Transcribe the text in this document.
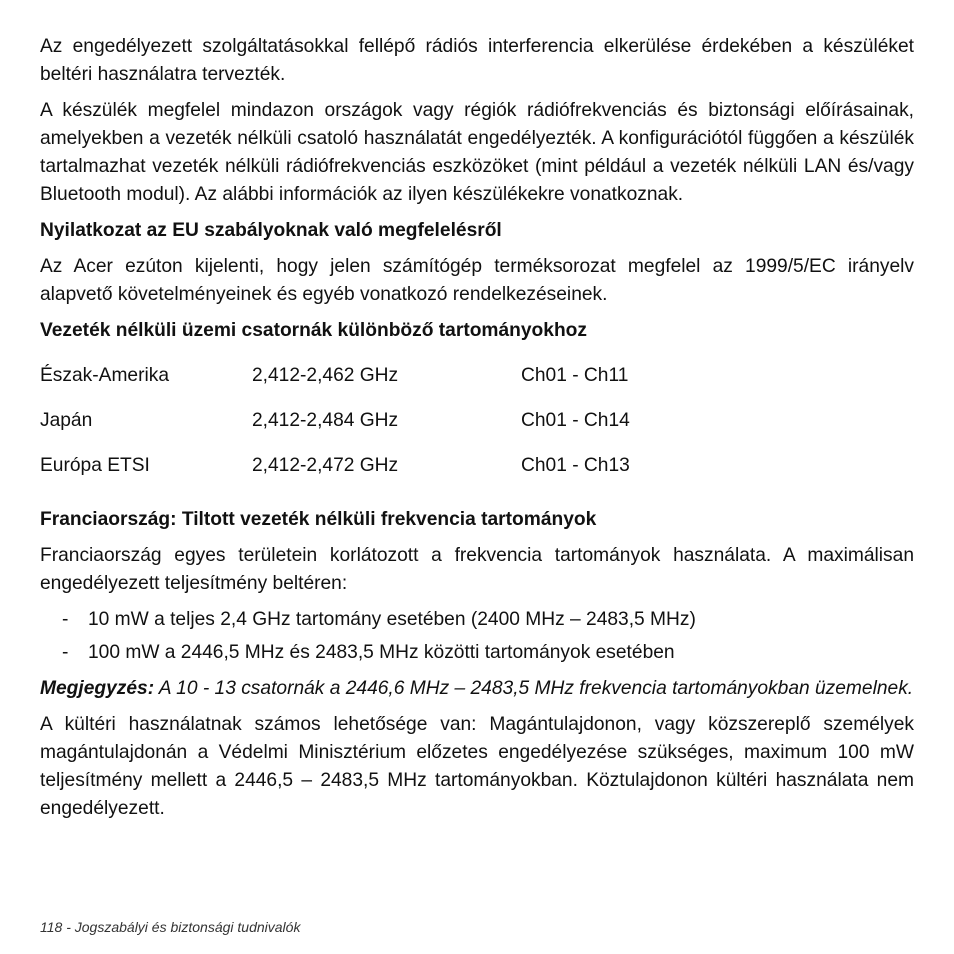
Az engedélyezett szolgáltatásokkal fellépő rádiós interferencia elkerülése érdekében a készüléket beltéri használatra tervezték.

A készülék megfelel mindazon országok vagy régiók rádiófrekvenciás és biztonsági előírásainak, amelyekben a vezeték nélküli csatoló használatát engedélyezték. A konfigurációtól függően a készülék tartalmazhat vezeték nélküli rádiófrekvenciás eszközöket (mint például a vezeték nélküli LAN és/vagy Bluetooth modul). Az alábbi információk az ilyen készülékekre vonatkoznak.

Nyilatkozat az EU szabályoknak való megfelelésről

Az Acer ezúton kijelenti, hogy jelen számítógép terméksorozat megfelel az 1999/5/EC irányelv alapvető követelményeinek és egyéb vonatkozó rendelkezéseinek.

Vezeték nélküli üzemi csatornák különböző tartományokhoz
Észak-Amerika	2,412-2,462 GHz	Ch01 - Ch11
Japán	2,412-2,484 GHz	Ch01 - Ch14
Európa ETSI	2,412-2,472 GHz	Ch01 - Ch13
Franciaország: Tiltott vezeték nélküli frekvencia tartományok

Franciaország egyes területein korlátozott a frekvencia tartományok használata. A maximálisan engedélyezett teljesítmény beltéren:

-	10 mW a teljes 2,4 GHz tartomány esetében (2400 MHz – 2483,5 MHz)
-	100 mW a 2446,5 MHz és 2483,5 MHz közötti tartományok esetében

Megjegyzés: A 10 - 13 csatornák a 2446,6 MHz – 2483,5 MHz frekvencia tartományokban üzemelnek.

A kültéri használatnak számos lehetősége van: Magántulajdonon, vagy közszereplő személyek magántulajdonán a Védelmi Minisztérium előzetes engedélyezése szükséges, maximum 100 mW teljesítmény mellett a 2446,5 – 2483,5 MHz tartományokban. Köztulajdonon kültéri használata nem engedélyezett.

118 - Jogszabályi és biztonsági tudnivalók
